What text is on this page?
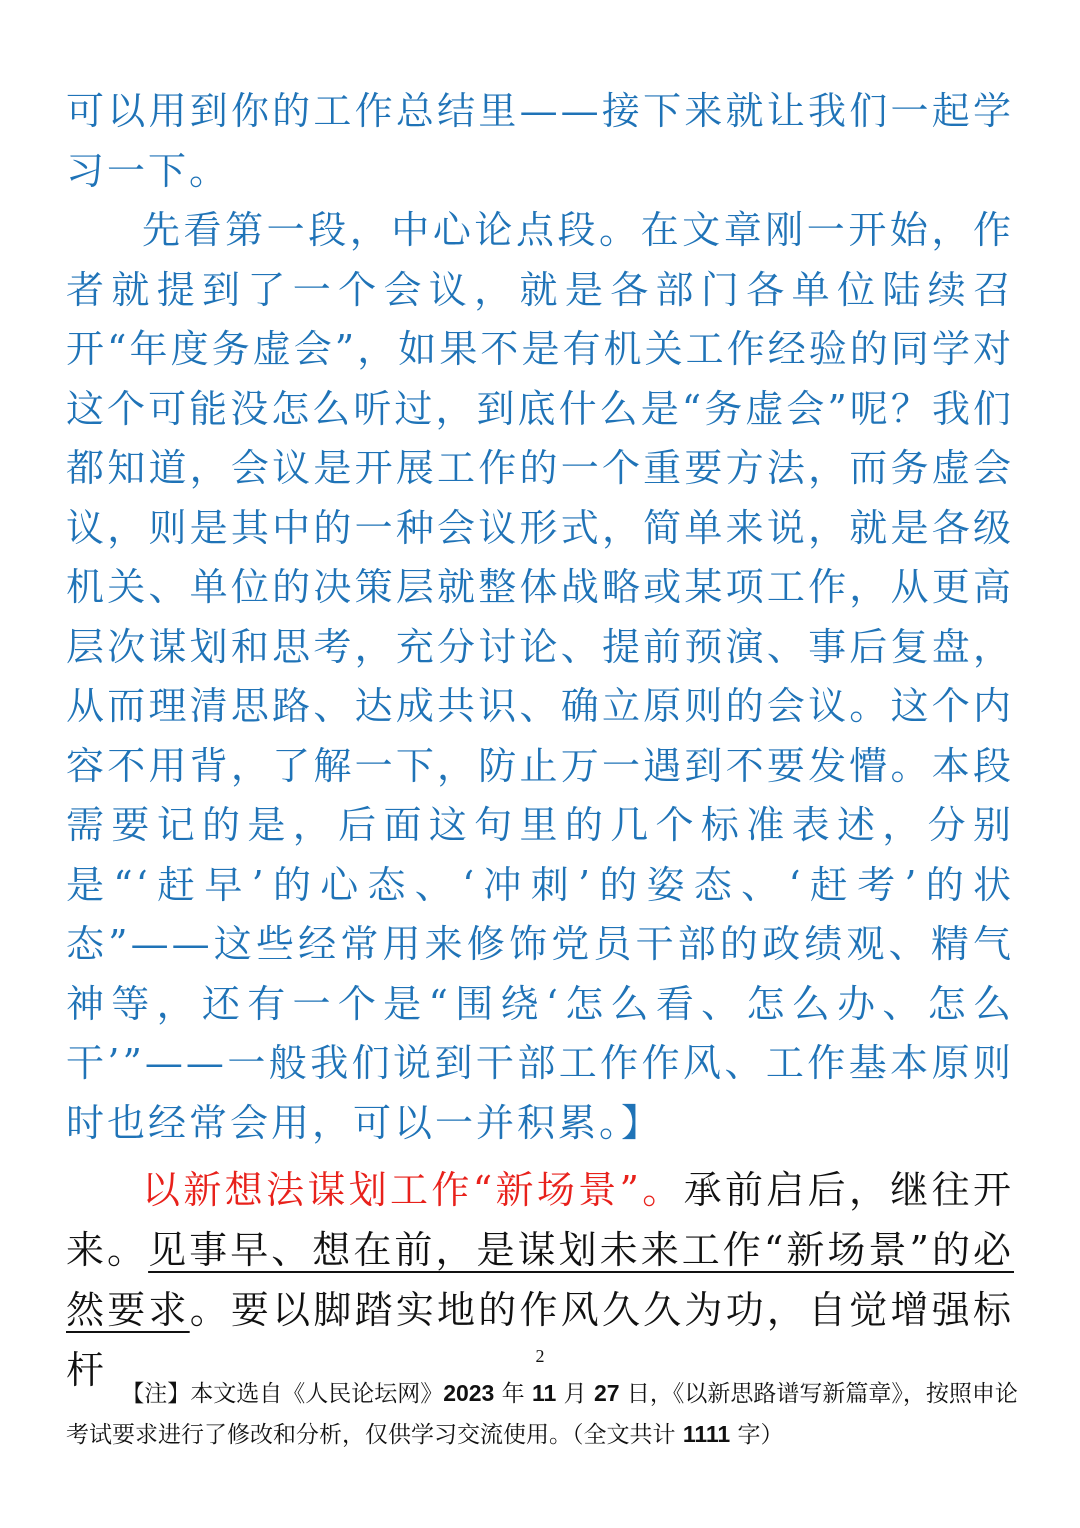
可以用到你的工作总结里——接下来就让我们一起学习一下。

先看第一段，中心论点段。在文章刚一开始，作者就提到了一个会议，就是各部门各单位陆续召开“年度务虚会”，如果不是有机关工作经验的同学对这个可能没怎么听过，到底什么是“务虚会”呢？我们都知道，会议是开展工作的一个重要方法，而务虚会议，则是其中的一种会议形式，简单来说，就是各级机关、单位的决策层就整体战略或某项工作，从更高层次谋划和思考，充分讨论、提前预演、事后复盘，从而理清思路、达成共识、确立原则的会议。这个内容不用背，了解一下，防止万一遇到不要发懵。本段需要记的是，后面这句里的几个标准表述，分别是“‘赶早’的心态、‘冲刺’的姿态、‘赶考’的状态”——这些经常用来修饰党员干部的政绩观、精气神等，还有一个是“围绕‘怎么看、怎么办、怎么干’”——一般我们说到干部工作作风、工作基本原则时也经常会用，可以一并积累。】

以新想法谋划工作“新场景”。承前启后，继往开来。见事早、想在前，是谋划未来工作“新场景”的必然要求。要以脚踏实地的作风久久为功，自觉增强标杆	2

【注】本文选自《人民论坛网》2023 年 11 月 27 日，《以新思路谱写新篇章》，按照申论考试要求进行了修改和分析，仅供学习交流使用。（全文共计 1111 字）
